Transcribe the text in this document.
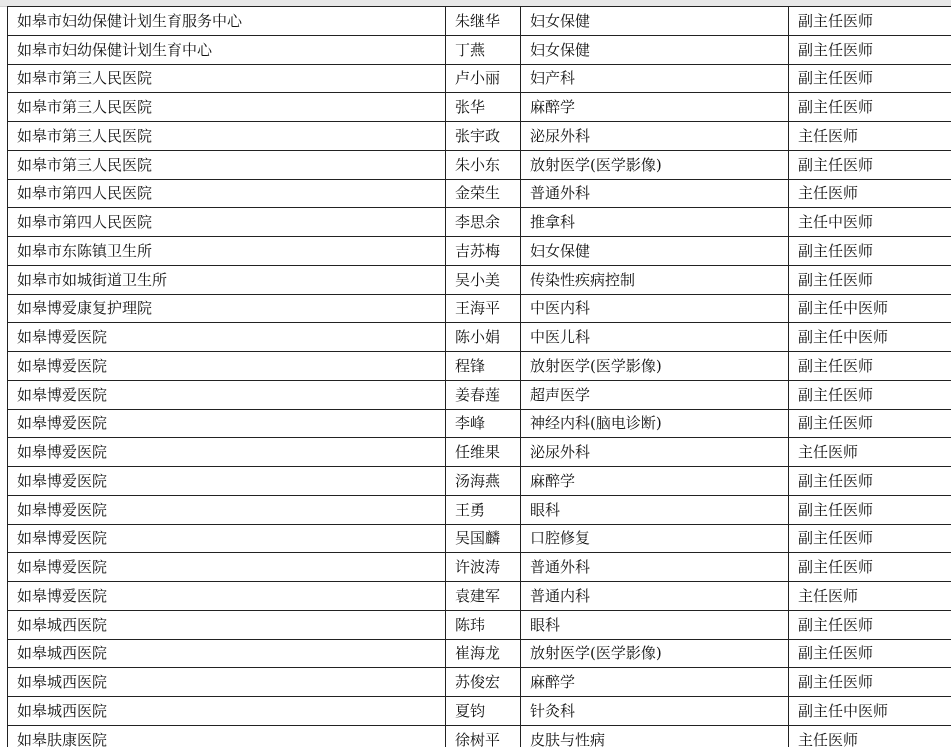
如皋市妇幼保健计划生育服务中心	朱继华	妇女保健	副主任医师
如皋市妇幼保健计划生育中心	丁燕	妇女保健	副主任医师
如皋市第三人民医院	卢小丽	妇产科	副主任医师
如皋市第三人民医院	张华	麻醉学	副主任医师
如皋市第三人民医院	张宇政	泌尿外科	主任医师
如皋市第三人民医院	朱小东	放射医学(医学影像)	副主任医师
如皋市第四人民医院	金荣生	普通外科	主任医师
如皋市第四人民医院	李思余	推拿科	主任中医师
如皋市东陈镇卫生所	吉苏梅	妇女保健	副主任医师
如皋市如城街道卫生所	吴小美	传染性疾病控制	副主任医师
如皋博爱康复护理院	王海平	中医内科	副主任中医师
如皋博爱医院	陈小娟	中医儿科	副主任中医师
如皋博爱医院	程锋	放射医学(医学影像)	副主任医师
如皋博爱医院	姜春莲	超声医学	副主任医师
如皋博爱医院	李峰	神经内科(脑电诊断)	副主任医师
如皋博爱医院	任维果	泌尿外科	主任医师
如皋博爱医院	汤海燕	麻醉学	副主任医师
如皋博爱医院	王勇	眼科	副主任医师
如皋博爱医院	吴国麟	口腔修复	副主任医师
如皋博爱医院	许波涛	普通外科	副主任医师
如皋博爱医院	袁建军	普通内科	主任医师
如皋城西医院	陈玮	眼科	副主任医师
如皋城西医院	崔海龙	放射医学(医学影像)	副主任医师
如皋城西医院	苏俊宏	麻醉学	副主任医师
如皋城西医院	夏钧	针灸科	副主任中医师
如皋肤康医院	徐树平	皮肤与性病	主任医师
